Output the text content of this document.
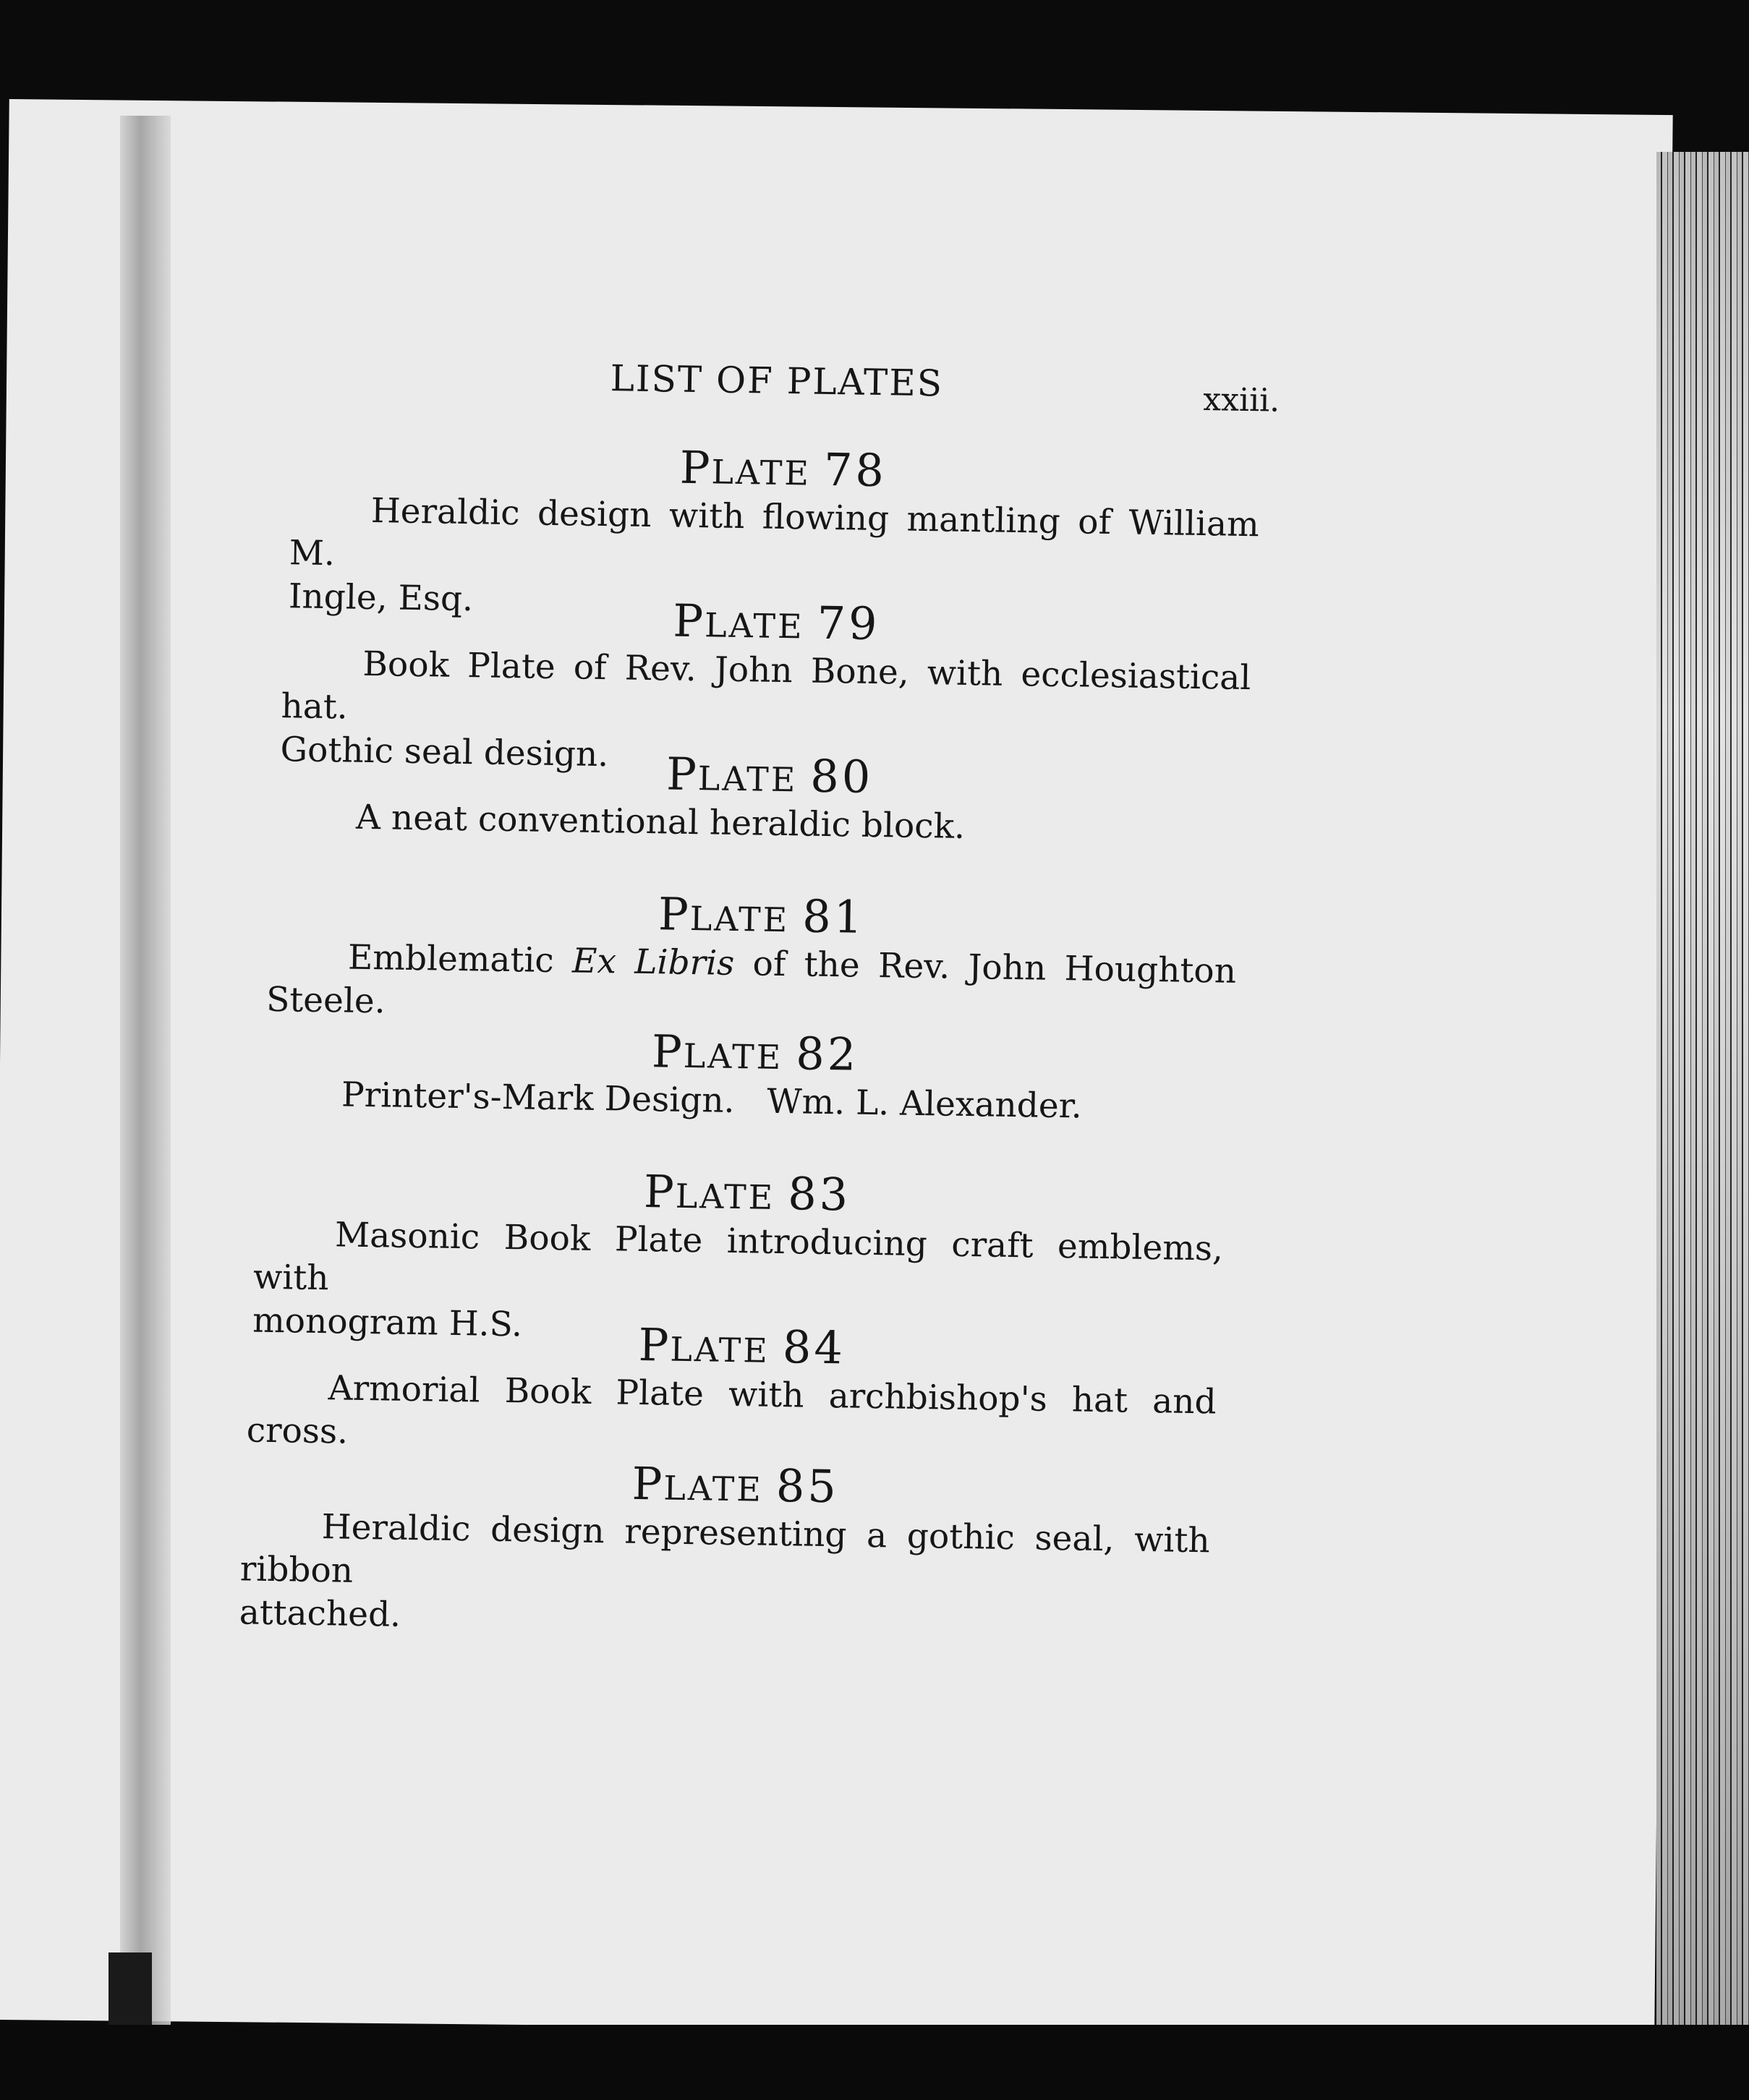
LIST OF PLATES	xxiii.
PLATE 78
Heraldic design with flowing mantling of William M.
Ingle, Esq.	PLATE 79
Book Plate of Rev. John Bone, with ecclesiastical hat.
Gothic seal design.	PLATE 80
A neat conventional heraldic block.
PLATE 81
Emblematic Ex Libris of the Rev. John Houghton Steele.
PLATE 82
Printer's-Mark Design.   Wm. L. Alexander.
PLATE 83
Masonic Book Plate introducing craft emblems, with
monogram H.S.	PLATE 84
Armorial Book Plate with archbishop's hat and cross.
PLATE 85
Heraldic design representing a gothic seal, with ribbon
attached.
